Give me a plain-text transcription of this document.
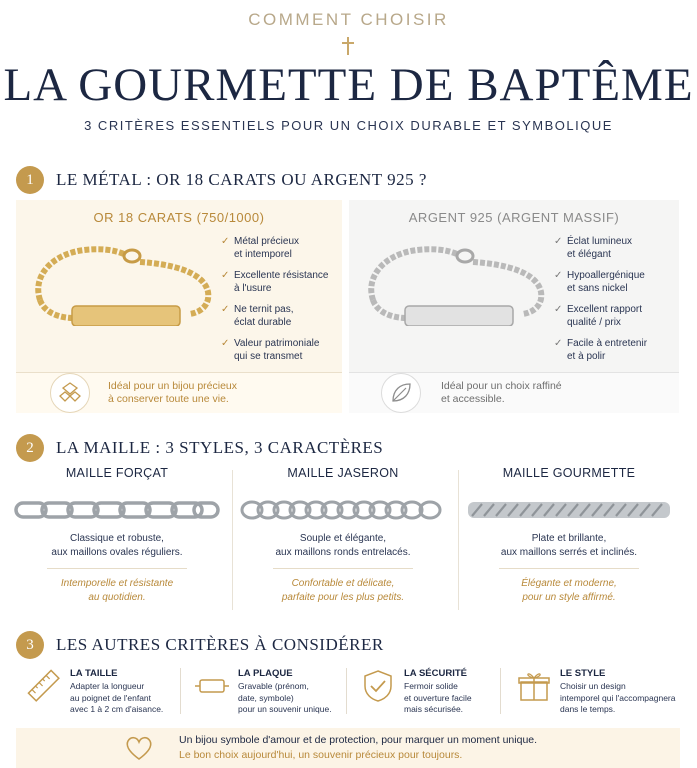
COMMENT CHOISIR
LA GOURMETTE DE BAPTÊME
3 CRITÈRES ESSENTIELS POUR UN CHOIX DURABLE ET SYMBOLIQUE
1	LE MÉTAL : OR 18 CARATS OU ARGENT 925 ?
OR 18 CARATS (750/1000)
✓ Métal précieux
et intemporel
✓ Excellente résistance
à l'usure
✓ Ne ternit pas,
éclat durable
✓ Valeur patrimoniale
qui se transmet
ARGENT 925 (ARGENT MASSIF)
✓ Éclat lumineux
et élégant
✓ Hypoallergénique
et sans nickel
✓ Excellent rapport
qualité / prix
✓ Facile à entretenir
et à polir
Idéal pour un bijou précieux
à conserver toute une vie.
Idéal pour un choix raffiné
et accessible.
2	LA MAILLE : 3 STYLES, 3 CARACTÈRES
MAILLE FORÇAT
Classique et robuste,
aux maillons ovales réguliers.
Intemporelle et résistante
au quotidien.
MAILLE JASERON
Souple et élégante,
aux maillons ronds entrelacés.
Confortable et délicate,
parfaite pour les plus petits.
MAILLE GOURMETTE
Plate et brillante,
aux maillons serrés et inclinés.
Élégante et moderne,
pour un style affirmé.
3	LES AUTRES CRITÈRES À CONSIDÉRER
LA TAILLE
Adapter la longueur
au poignet de l'enfant
avec 1 à 2 cm d'aisance.
LA PLAQUE
Gravable (prénom,
date, symbole)
pour un souvenir unique.
LA SÉCURITÉ
Fermoir solide
et ouverture facile
mais sécurisée.
LE STYLE
Choisir un design
intemporel qui l'accompagnera
dans le temps.
Un bijou symbole d'amour et de protection, pour marquer un moment unique.
Le bon choix aujourd'hui, un souvenir précieux pour toujours.
